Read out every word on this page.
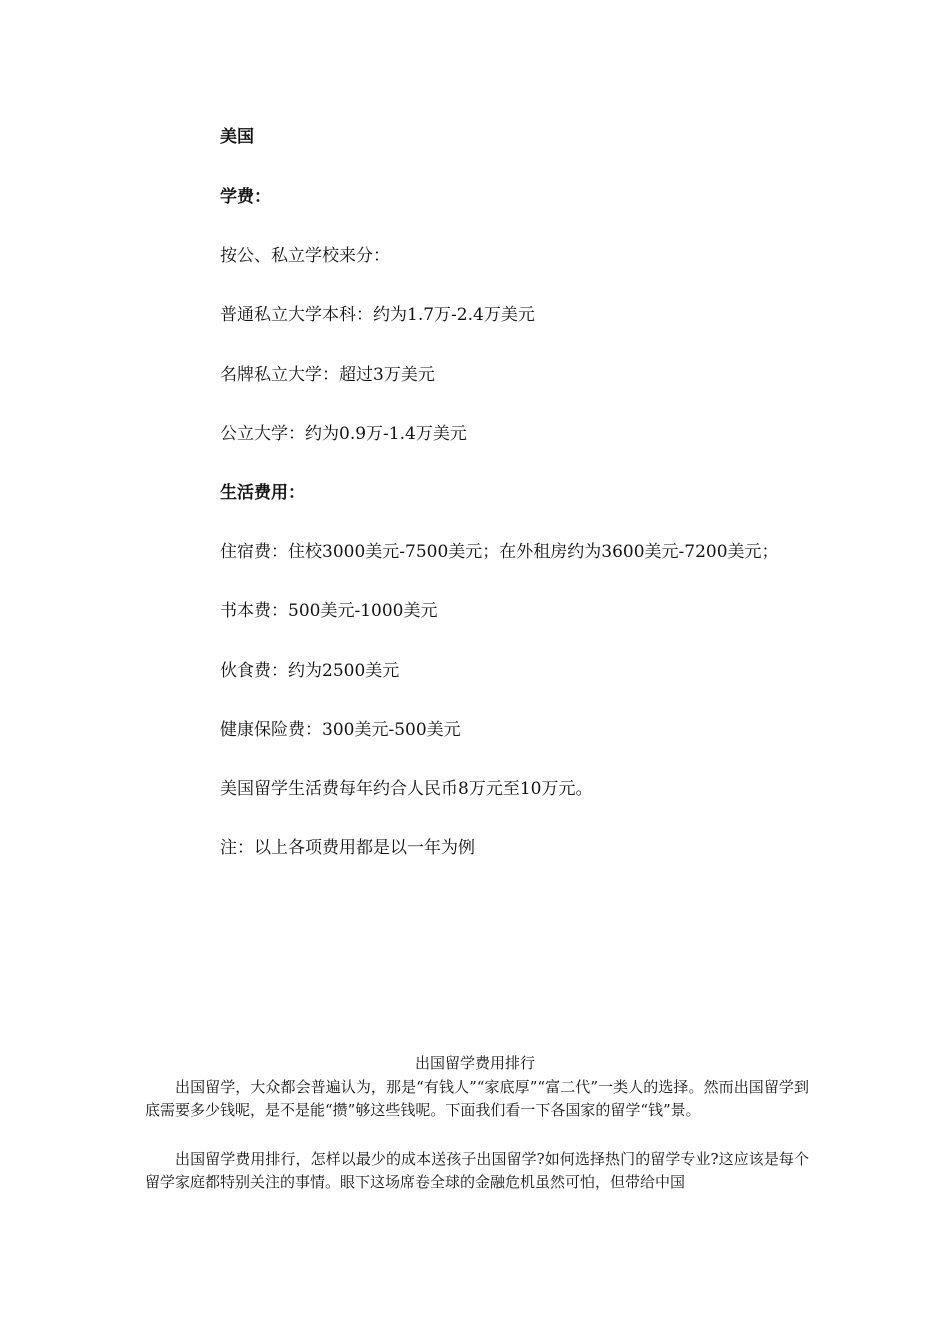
美国
学费：
按公、私立学校来分：
普通私立大学本科：约为1.7万-2.4万美元
名牌私立大学：超过3万美元
公立大学：约为0.9万-1.4万美元
生活费用：
住宿费：住校3000美元-7500美元；在外租房约为3600美元-7200美元；
书本费：500美元-1000美元
伙食费：约为2500美元
健康保险费：300美元-500美元
美国留学生活费每年约合人民币8万元至10万元。
注：以上各项费用都是以一年为例
出国留学费用排行

出国留学，大众都会普遍认为，那是“有钱人”“家底厚”“富二代”一类人的选择。然而出国留学到底需要多少钱呢，是不是能“攒”够这些钱呢。下面我们看一下各国家的留学“钱”景。

出国留学费用排行，怎样以最少的成本送孩子出国留学?如何选择热门的留学专业?这应该是每个留学家庭都特别关注的事情。眼下这场席卷全球的金融危机虽然可怕，但带给中国
